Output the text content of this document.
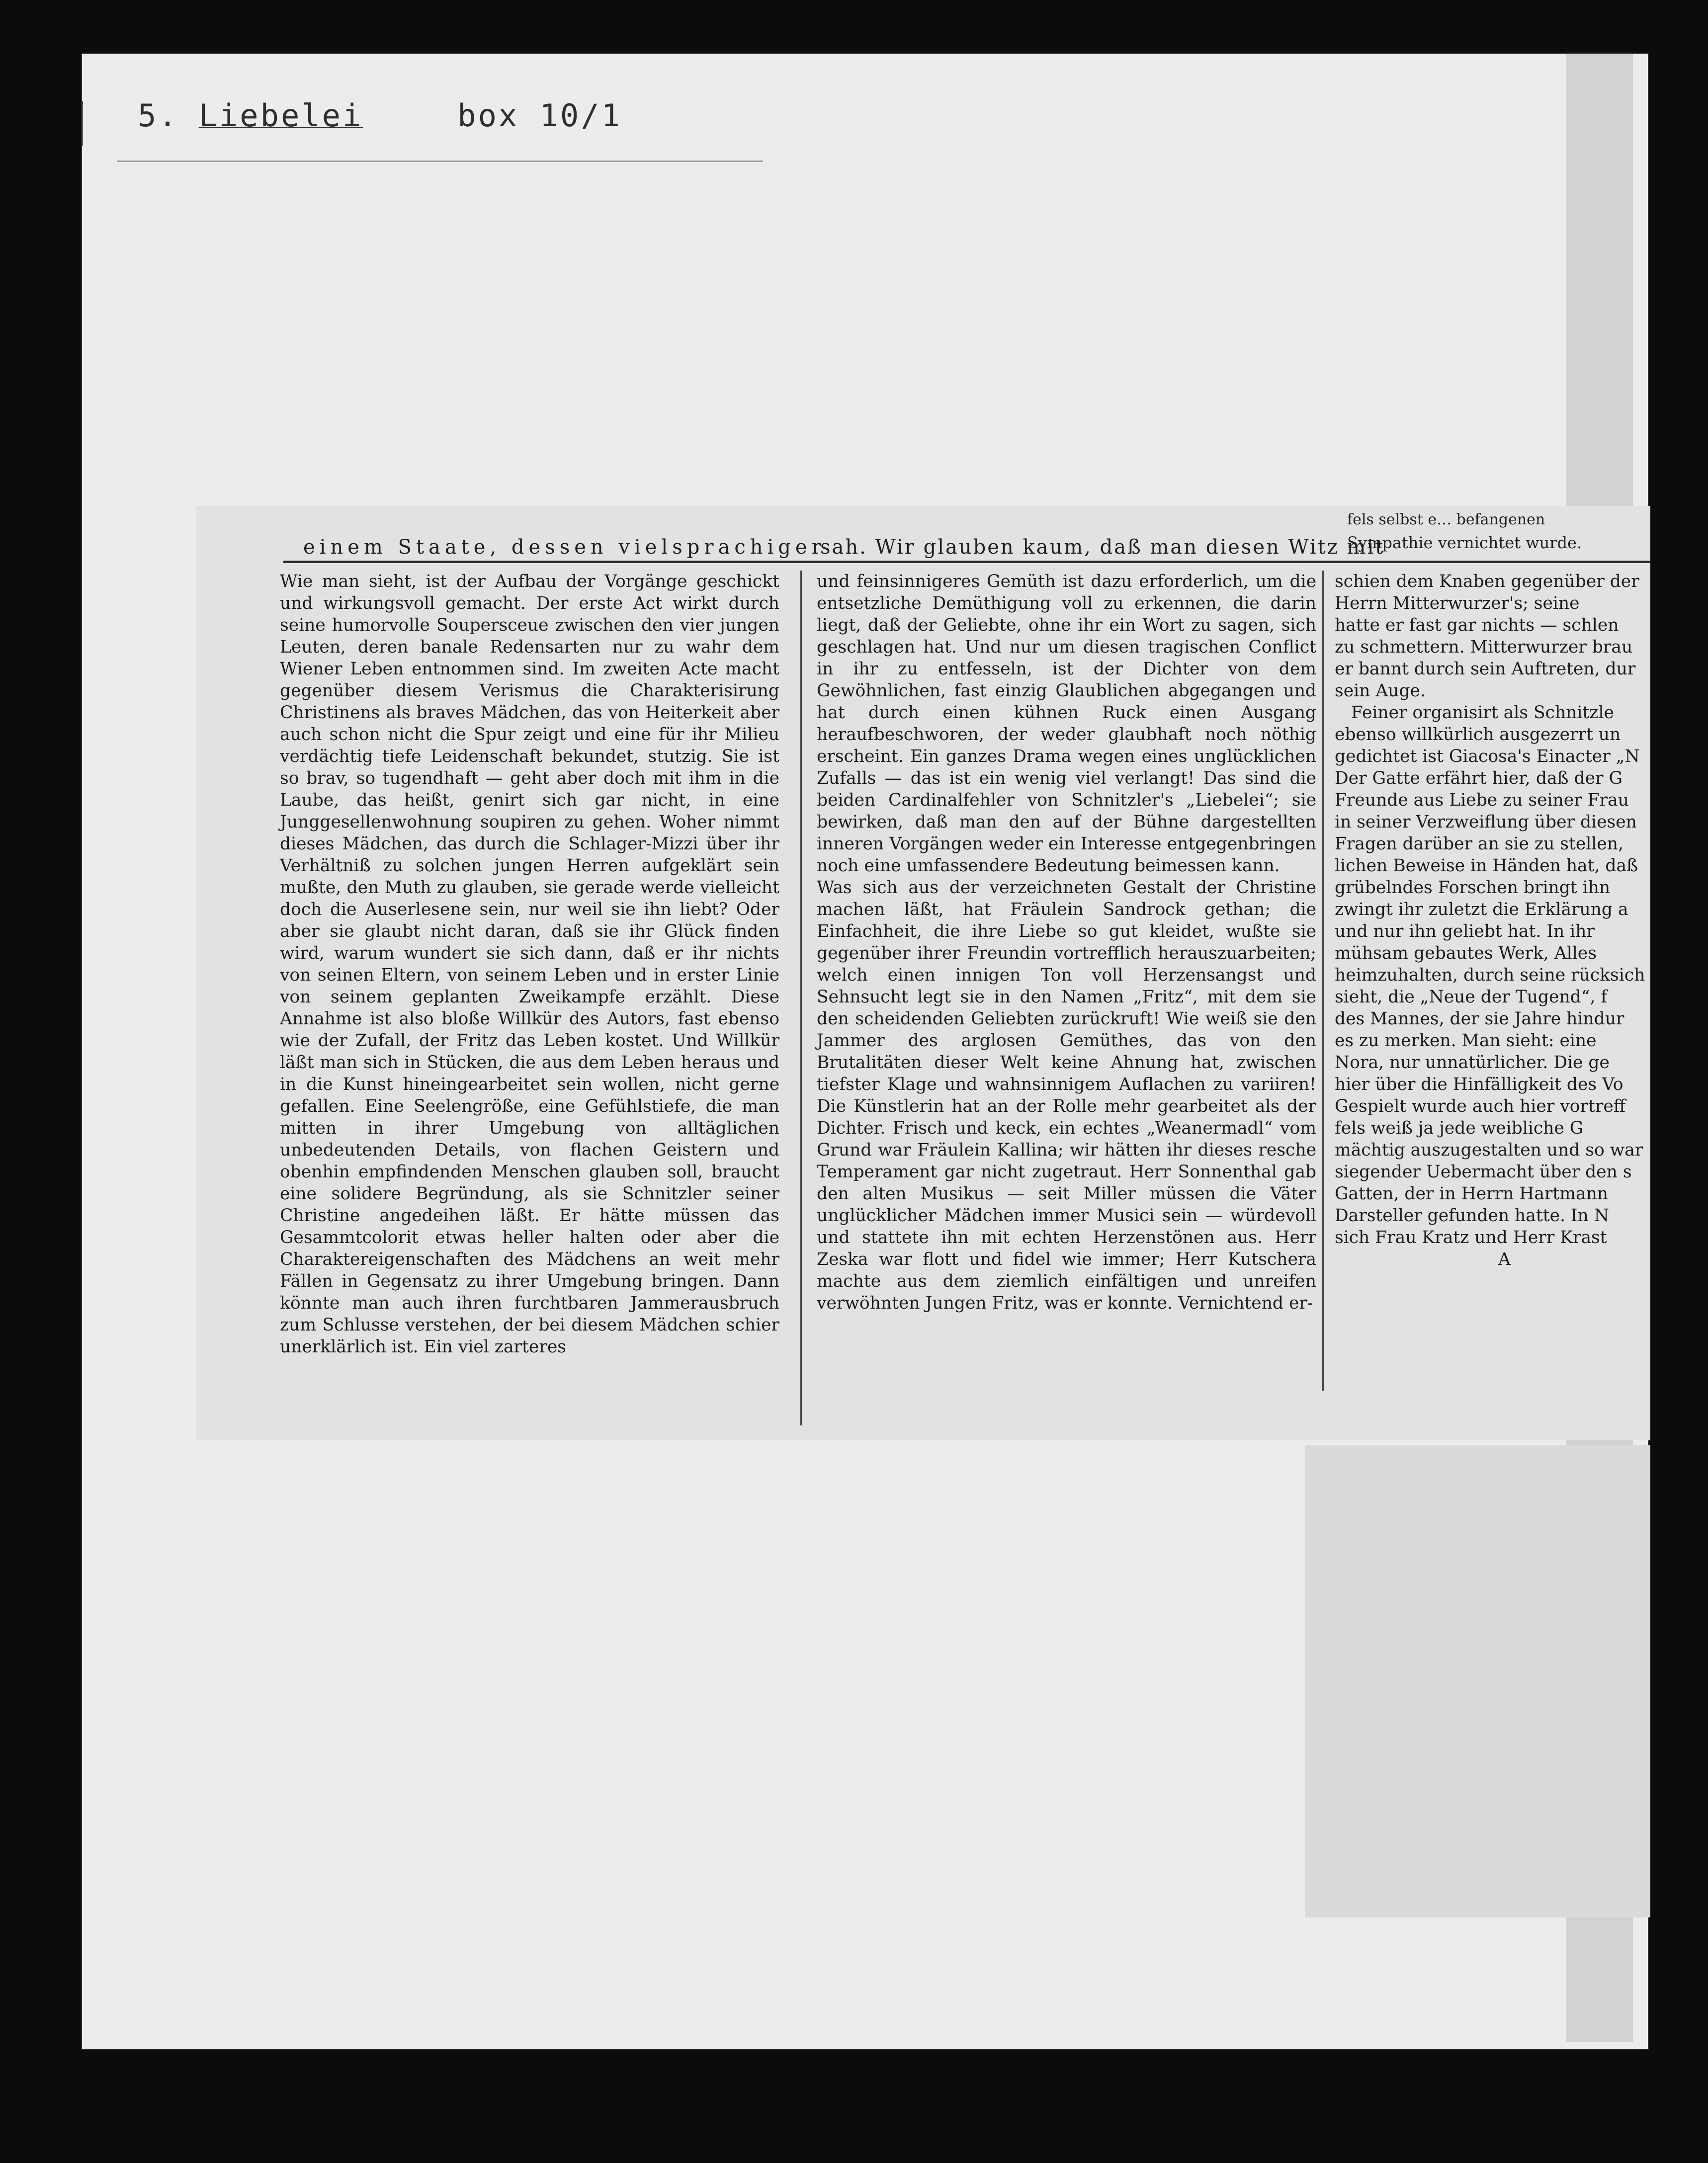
5. Liebelei	box 10/1
einem Staate, dessen vielsprachiger
sah. Wir glauben kaum, daß man diesen Witz mit
fels selbst e… befangenen
Sympathie vernichtet wurde.
Wie man sieht, ist der Aufbau der Vorgänge geschickt und wirkungsvoll gemacht. Der erste Act wirkt durch seine humorvolle Soupersceue zwischen den vier jungen Leuten, deren banale Redensarten nur zu wahr dem Wiener Leben entnommen sind. Im zweiten Acte macht gegenüber diesem Verismus die Charakterisirung Christinens als braves Mädchen, das von Heiterkeit aber auch schon nicht die Spur zeigt und eine für ihr Milieu verdächtig tiefe Leidenschaft bekundet, stutzig. Sie ist so brav, so tugendhaft — geht aber doch mit ihm in die Laube, das heißt, genirt sich gar nicht, in eine Junggesellenwohnung soupiren zu gehen. Woher nimmt dieses Mädchen, das durch die Schlager-Mizzi über ihr Verhältniß zu solchen jungen Herren aufgeklärt sein mußte, den Muth zu glauben, sie gerade werde vielleicht doch die Auserlesene sein, nur weil sie ihn liebt? Oder aber sie glaubt nicht daran, daß sie ihr Glück finden wird, warum wundert sie sich dann, daß er ihr nichts von seinen Eltern, von seinem Leben und in erster Linie von seinem geplanten Zweikampfe erzählt. Diese Annahme ist also bloße Willkür des Autors, fast ebenso wie der Zufall, der Fritz das Leben kostet. Und Willkür läßt man sich in Stücken, die aus dem Leben heraus und in die Kunst hineingearbeitet sein wollen, nicht gerne gefallen. Eine Seelengröße, eine Gefühlstiefe, die man mitten in ihrer Umgebung von alltäglichen unbedeutenden Details, von flachen Geistern und obenhin empfindenden Menschen glauben soll, braucht eine solidere Begründung, als sie Schnitzler seiner Christine angedeihen läßt. Er hätte müssen das Gesammtcolorit etwas heller halten oder aber die Charaktereigenschaften des Mädchens an weit mehr Fällen in Gegensatz zu ihrer Umgebung bringen. Dann könnte man auch ihren furchtbaren Jammerausbruch zum Schlusse verstehen, der bei diesem Mädchen schier unerklärlich ist. Ein viel zarteres
und feinsinnigeres Gemüth ist dazu erforderlich, um die entsetzliche Demüthigung voll zu erkennen, die darin liegt, daß der Geliebte, ohne ihr ein Wort zu sagen, sich geschlagen hat. Und nur um diesen tragischen Conflict in ihr zu entfesseln, ist der Dichter von dem Gewöhnlichen, fast einzig Glaublichen abgegangen und hat durch einen kühnen Ruck einen Ausgang heraufbeschworen, der weder glaubhaft noch nöthig erscheint. Ein ganzes Drama wegen eines unglücklichen Zufalls — das ist ein wenig viel verlangt! Das sind die beiden Cardinalfehler von Schnitzler's „Liebelei“; sie bewirken, daß man den auf der Bühne dargestellten inneren Vorgängen weder ein Interesse entgegenbringen noch eine umfassendere Bedeutung beimessen kann.
Was sich aus der verzeichneten Gestalt der Christine machen läßt, hat Fräulein Sandrock gethan; die Einfachheit, die ihre Liebe so gut kleidet, wußte sie gegenüber ihrer Freundin vortrefflich herauszuarbeiten; welch einen innigen Ton voll Herzensangst und Sehnsucht legt sie in den Namen „Fritz“, mit dem sie den scheidenden Geliebten zurückruft! Wie weiß sie den Jammer des arglosen Gemüthes, das von den Brutalitäten dieser Welt keine Ahnung hat, zwischen tiefster Klage und wahnsinnigem Auflachen zu variiren! Die Künstlerin hat an der Rolle mehr gearbeitet als der Dichter. Frisch und keck, ein echtes „Weanermadl“ vom Grund war Fräulein Kallina; wir hätten ihr dieses resche Temperament gar nicht zugetraut. Herr Sonnenthal gab den alten Musikus — seit Miller müssen die Väter unglücklicher Mädchen immer Musici sein — würdevoll und stattete ihn mit echten Herzenstönen aus. Herr Zeska war flott und fidel wie immer; Herr Kutschera machte aus dem ziemlich einfältigen und unreifen verwöhnten Jungen Fritz, was er konnte. Vernichtend er-
schien dem Knaben gegenüber der
Herrn Mitterwurzer's; seine
hatte er fast gar nichts — schlen
zu schmettern. Mitterwurzer brau
er bannt durch sein Auftreten, dur
sein Auge.
Feiner organisirt als Schnitzle
ebenso willkürlich ausgezerrt un
gedichtet ist Giacosa's Einacter „N
Der Gatte erfährt hier, daß der G
Freunde aus Liebe zu seiner Frau
in seiner Verzweiflung über diesen
Fragen darüber an sie zu stellen,
lichen Beweise in Händen hat, daß
grübelndes Forschen bringt ihn
zwingt ihr zuletzt die Erklärung a
und nur ihn geliebt hat. In ihr
mühsam gebautes Werk, Alles
heimzuhalten, durch seine rücksich
sieht, die „Neue der Tugend“, f
des Mannes, der sie Jahre hindur
es zu merken. Man sieht: eine
Nora, nur unnatürlicher. Die ge
hier über die Hinfälligkeit des Vo
Gespielt wurde auch hier vortreff
fels weiß ja jede weibliche G
mächtig auszugestalten und so war
siegender Uebermacht über den s
Gatten, der in Herrn Hartmann
Darsteller gefunden hatte. In N
sich Frau Kratz und Herr Krast
A
